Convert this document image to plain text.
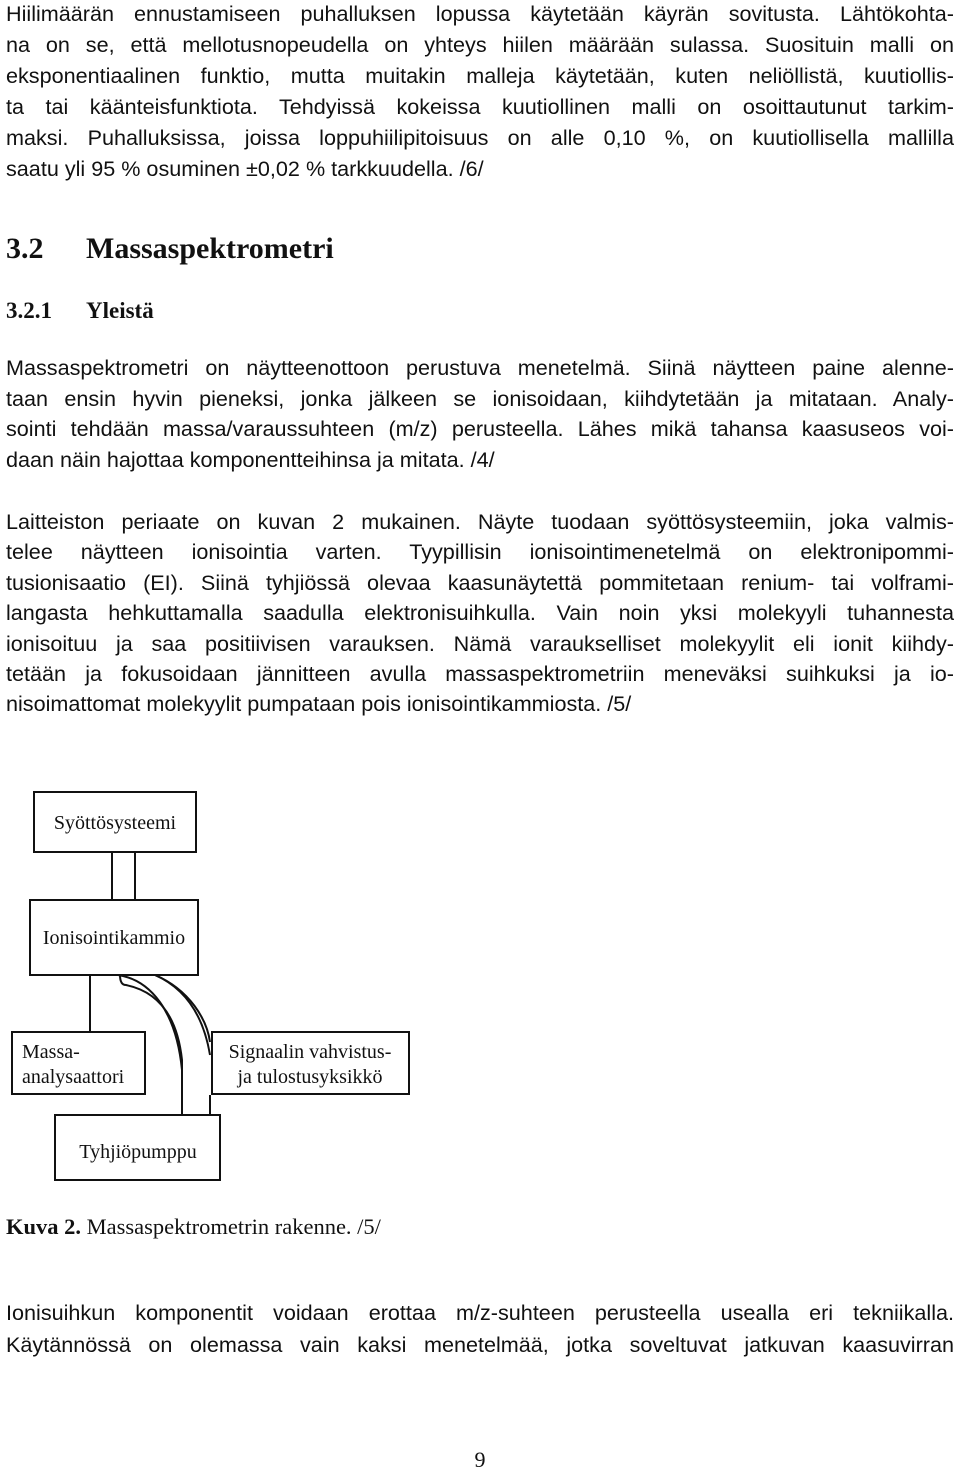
Hiilimäärän ennustamiseen puhalluksen lopussa käytetään käyrän sovitusta. Lähtökohta-
na on se, että mellotusnopeudella on yhteys hiilen määrään sulassa. Suosituin malli on
eksponentiaalinen funktio, mutta muitakin malleja käytetään, kuten neliöllistä, kuutiollis-
ta tai käänteisfunktiota. Tehdyissä kokeissa kuutiollinen malli on osoittautunut tarkim-
maksi. Puhalluksissa, joissa loppuhiilipitoisuus on alle 0,10 %, on kuutiollisella mallilla
saatu yli 95 % osuminen ±0,02 % tarkkuudella. /6/
3.2 Massaspektrometri
3.2.1 Yleistä
Massaspektrometri on näytteenottoon perustuva menetelmä. Siinä näytteen paine alenne-
taan ensin hyvin pieneksi, jonka jälkeen se ionisoidaan, kiihdytetään ja mitataan. Analy-
sointi tehdään massa/varaussuhteen (m/z) perusteella. Lähes mikä tahansa kaasuseos voi-
daan näin hajottaa komponentteihinsa ja mitata. /4/
Laitteiston periaate on kuvan 2 mukainen. Näyte tuodaan syöttösysteemiin, joka valmis-
telee näytteen ionisointia varten. Tyypillisin ionisointimenetelmä on elektronipommi-
tusionisaatio (EI). Siinä tyhjiössä olevaa kaasunäytettä pommitetaan renium- tai volframi-
langasta hehkuttamalla saadulla elektronisuihkulla. Vain noin yksi molekyyli tuhannesta
ionisoituu ja saa positiivisen varauksen. Nämä varaukselliset molekyylit eli ionit kiihdy-
tetään ja fokusoidaan jännitteen avulla massaspektrometriin meneväksi suihkuksi ja io-
nisoimattomat molekyylit pumpataan pois ionisointikammiosta. /5/
Syöttösysteemi
Ionisointikammio
Massa-
analysaattori
Signaalin vahvistus-
ja tulostusyksikkö
Tyhjiöpumppu

Kuva 2. Massaspektrometrin rakenne. /5/

Ionisuihkun komponentit voidaan erottaa m/z-suhteen perusteella usealla eri tekniikalla.
Käytännössä on olemassa vain kaksi menetelmää, jotka soveltuvat jatkuvan kaasuvirran
9
